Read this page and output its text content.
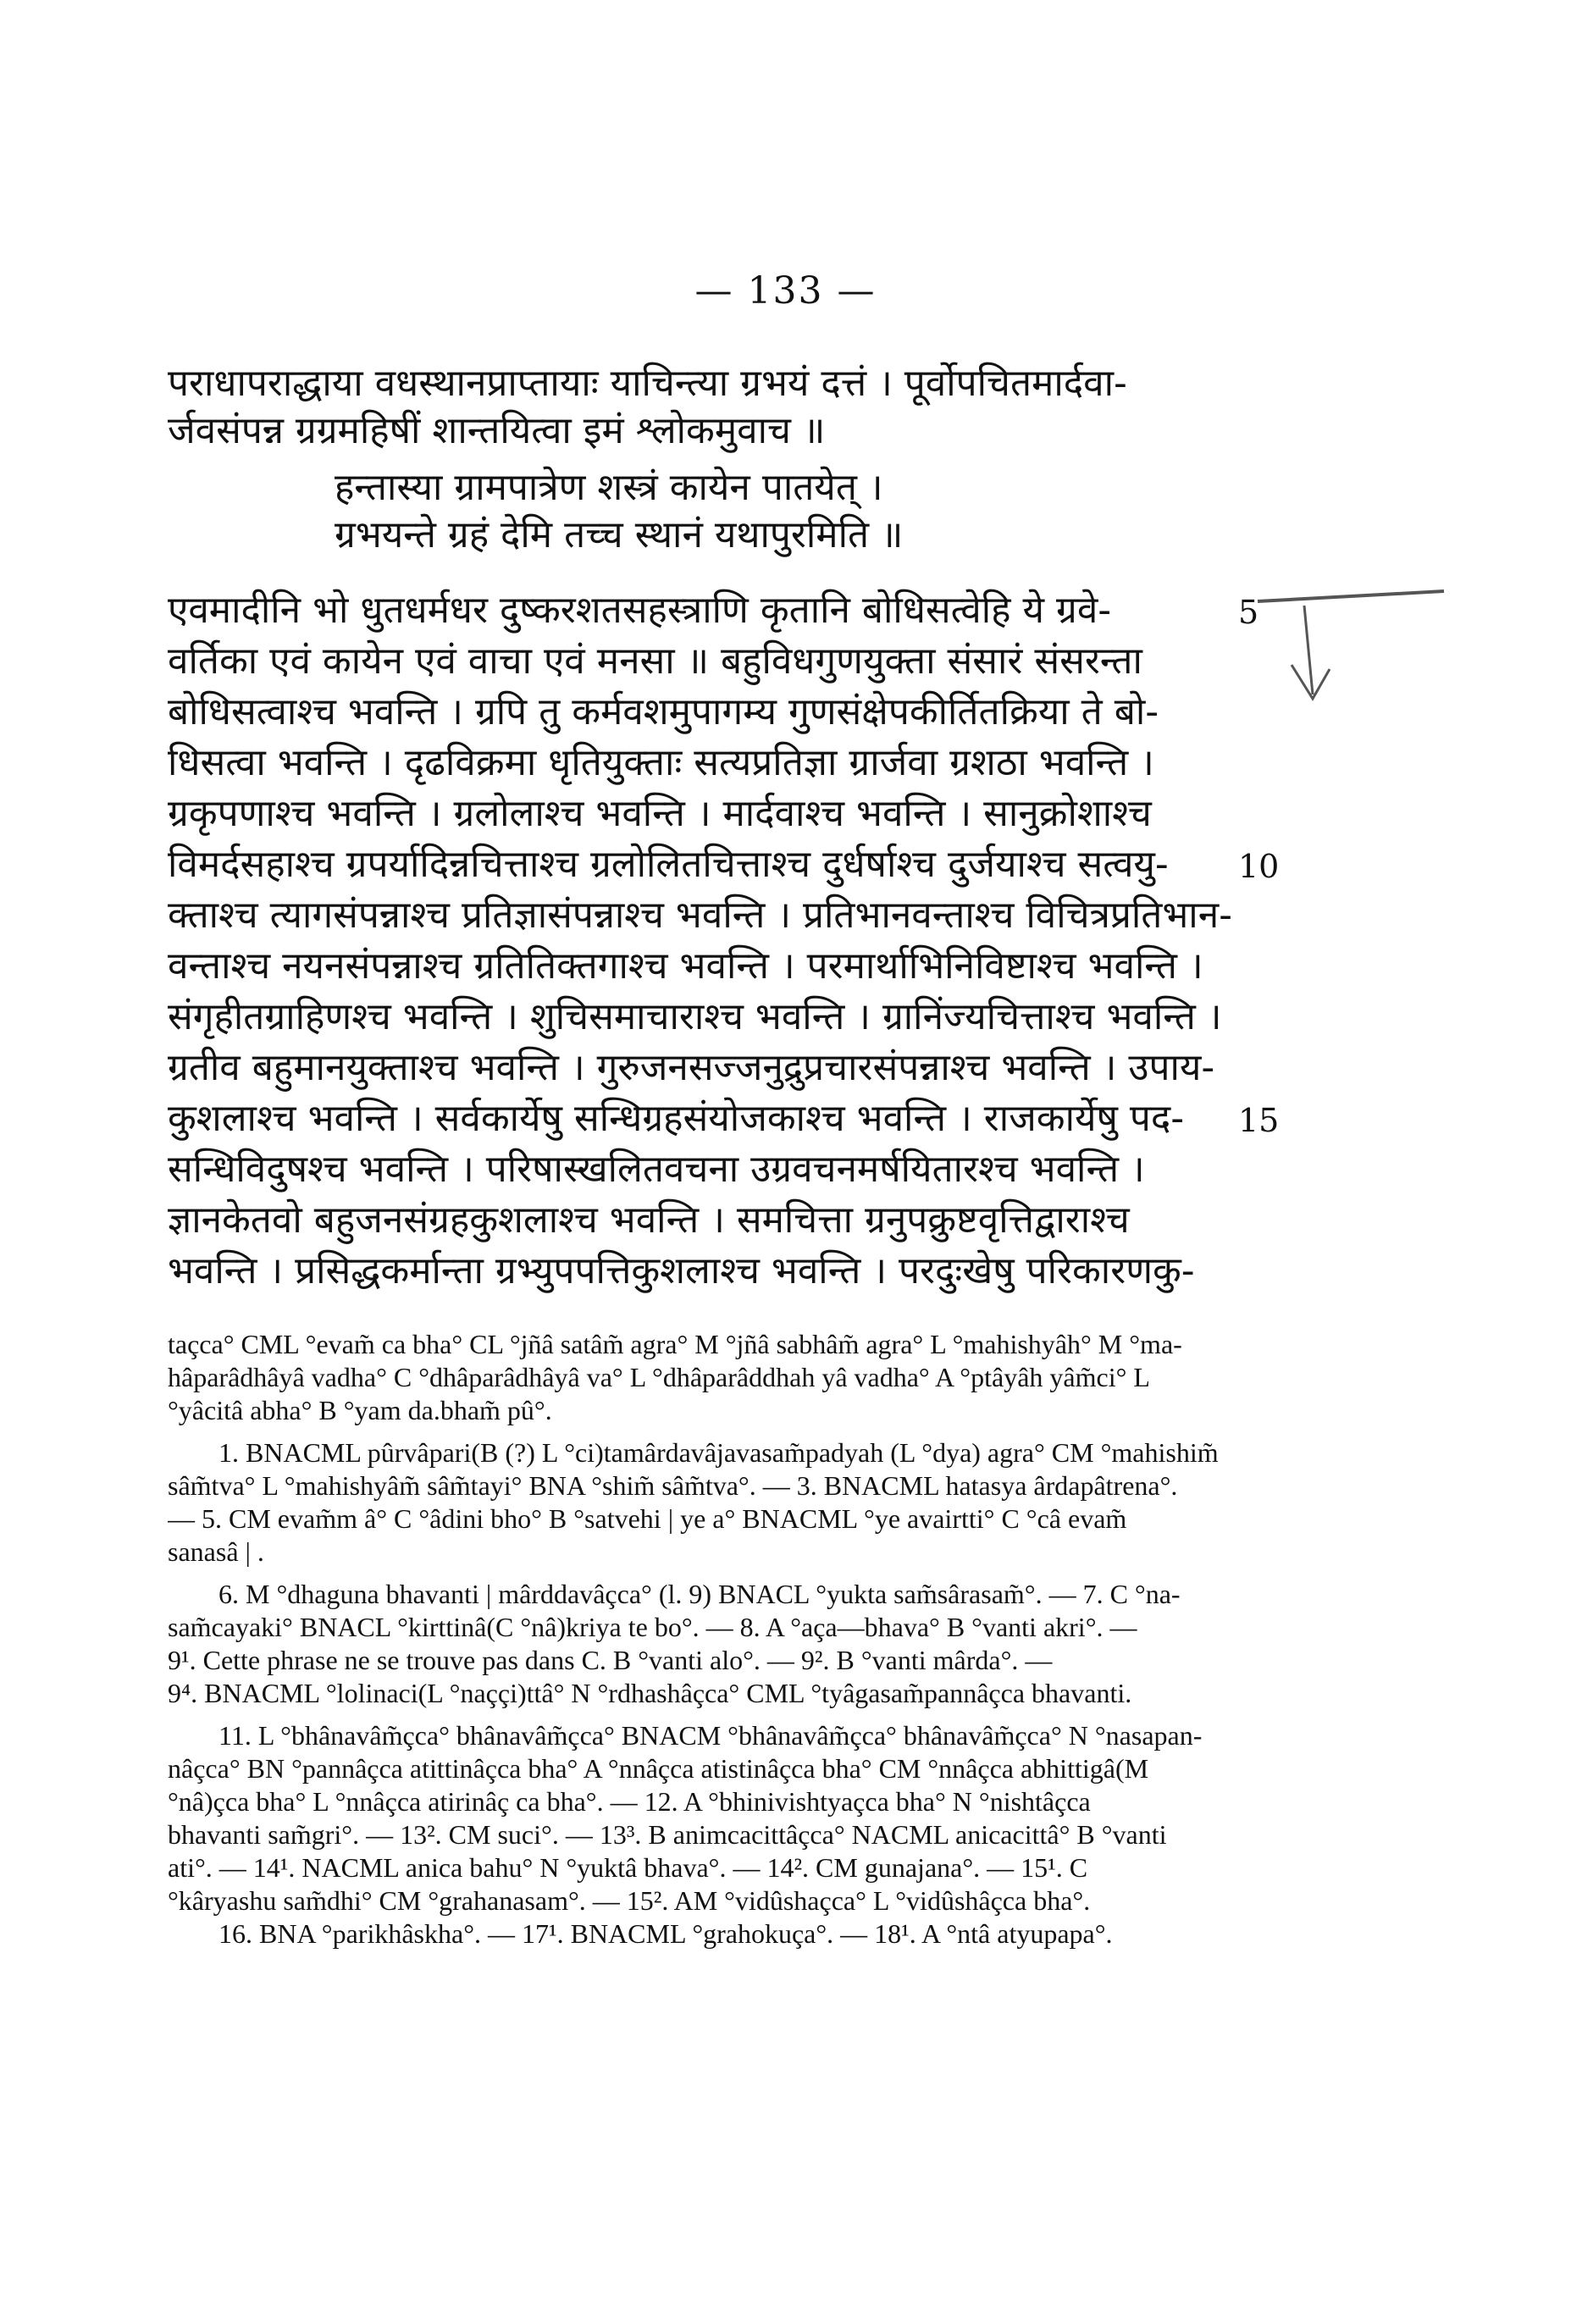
— 133 —
पराधापराद्धाया वधस्थानप्राप्तायाः याचिन्त्या ग्रभयं दत्तं । पूर्वोपचितमार्दवा-
र्जवसंपन्न ग्रग्रमहिषीं शान्तयित्वा इमं श्लोकमुवाच ॥
हन्तास्या ग्रामपात्रेण शस्त्रं कायेन पातयेत् ।
ग्रभयन्ते ग्रहं देमि तच्च स्थानं यथापुरमिति ॥
एवमादीनि भो धुतधर्मधर दुष्करशतसहस्त्राणि कृतानि बोधिसत्वेहि ये ग्रवे-
वर्तिका एवं कायेन एवं वाचा एवं मनसा ॥ बहुविधगुणयुक्ता संसारं संसरन्ता
बोधिसत्वाश्च भवन्ति । ग्रपि तु कर्मवशमुपागम्य गुणसंक्षेपकीर्तितक्रिया ते बो-
धिसत्वा भवन्ति । दृढविक्रमा धृतियुक्ताः सत्यप्रतिज्ञा ग्रार्जवा ग्रशठा भवन्ति ।
ग्रकृपणाश्च भवन्ति । ग्रलोलाश्च भवन्ति । मार्दवाश्च भवन्ति । सानुक्रोशाश्च
विमर्दसहाश्च ग्रपर्यादिन्नचित्ताश्च ग्रलोलितचित्ताश्च दुर्धर्षाश्च दुर्जयाश्च सत्वयु-
क्ताश्च त्यागसंपन्नाश्च प्रतिज्ञासंपन्नाश्च भवन्ति । प्रतिभानवन्ताश्च विचित्रप्रतिभान-
वन्ताश्च नयनसंपन्नाश्च ग्रतितिक्तगाश्च भवन्ति । परमार्थाभिनिविष्टाश्च भवन्ति ।
संगृहीतग्राहिणश्च भवन्ति । शुचिसमाचाराश्च भवन्ति । ग्रानिंज्यचित्ताश्च भवन्ति ।
ग्रतीव बहुमानयुक्ताश्च भवन्ति । गुरुजनसज्जनुद्रुप्रचारसंपन्नाश्च भवन्ति । उपाय-
कुशलाश्च भवन्ति । सर्वकार्येषु सन्धिग्रहसंयोजकाश्च भवन्ति । राजकार्येषु पद-
सन्धिविदुषश्च भवन्ति । परिषास्खलितवचना उग्रवचनमर्षयितारश्च भवन्ति ।
ज्ञानकेतवो बहुजनसंग्रहकुशलाश्च भवन्ति । समचित्ता ग्रनुपक्रुष्टवृत्तिद्वाराश्च
भवन्ति । प्रसिद्धकर्मान्ता ग्रभ्युपपत्तिकुशलाश्च भवन्ति । परदुःखेषु परिकारणकु-
5
10
15
taçca° CML °evam̃ ca bha° CL °jñâ satâm̃ agra° M °jñâ sabhâm̃ agra° L °mahishyâh° M °ma-
hâparâdhâyâ vadha° C °dhâparâdhâyâ va° L °dhâparâddhah yâ vadha° A °ptâyâh yâm̃ci° L
°yâcitâ abha° B °yam da.bham̃ pû°.
1. BNACML pûrvâpari(B (?) L °ci)tamârdavâjavasam̃padyah (L °dya) agra° CM °mahishim̃
sâm̃tva° L °mahishyâm̃ sâm̃tayi° BNA °shim̃ sâm̃tva°. — 3. BNACML hatasya ârdapâtrena°.
— 5. CM evam̃m â° C °âdini bho° B °satvehi | ye a° BNACML °ye avairtti° C °câ evam̃
sanasâ | .
6. M °dhaguna bhavanti | mârddavâçca° (l. 9) BNACL °yukta sam̃sârasam̃°. — 7. C °na-
sam̃cayaki° BNACL °kirttinâ(C °nâ)kriya te bo°. — 8. A °aça—bhava° B °vanti akri°. —
9¹. Cette phrase ne se trouve pas dans C. B °vanti alo°. — 9². B °vanti mârda°. —
9⁴. BNACML °lolinaci(L °naççi)ttâ° N °rdhashâçca° CML °tyâgasam̃pannâçca bhavanti.
11. L °bhânavâm̃çca° bhânavâm̃çca° BNACM °bhânavâm̃çca° bhânavâm̃çca° N °nasapan-
nâçca° BN °pannâçca atittinâçca bha° A °nnâçca atistinâçca bha° CM °nnâçca abhittigâ(M
°nâ)çca bha° L °nnâçca atirinâç ca bha°. — 12. A °bhinivishtyaçca bha° N °nishtâçca
bhavanti sam̃gri°. — 13². CM suci°. — 13³. B animcacittâçca° NACML anicacittâ° B °vanti
ati°. — 14¹. NACML anica bahu° N °yuktâ bhava°. — 14². CM gunajana°. — 15¹. C
°kâryashu sam̃dhi° CM °grahanasam°. — 15². AM °vidûshaçca° L °vidûshâçca bha°.
16. BNA °parikhâskha°. — 17¹. BNACML °grahokuça°. — 18¹. A °ntâ atyupapa°.
